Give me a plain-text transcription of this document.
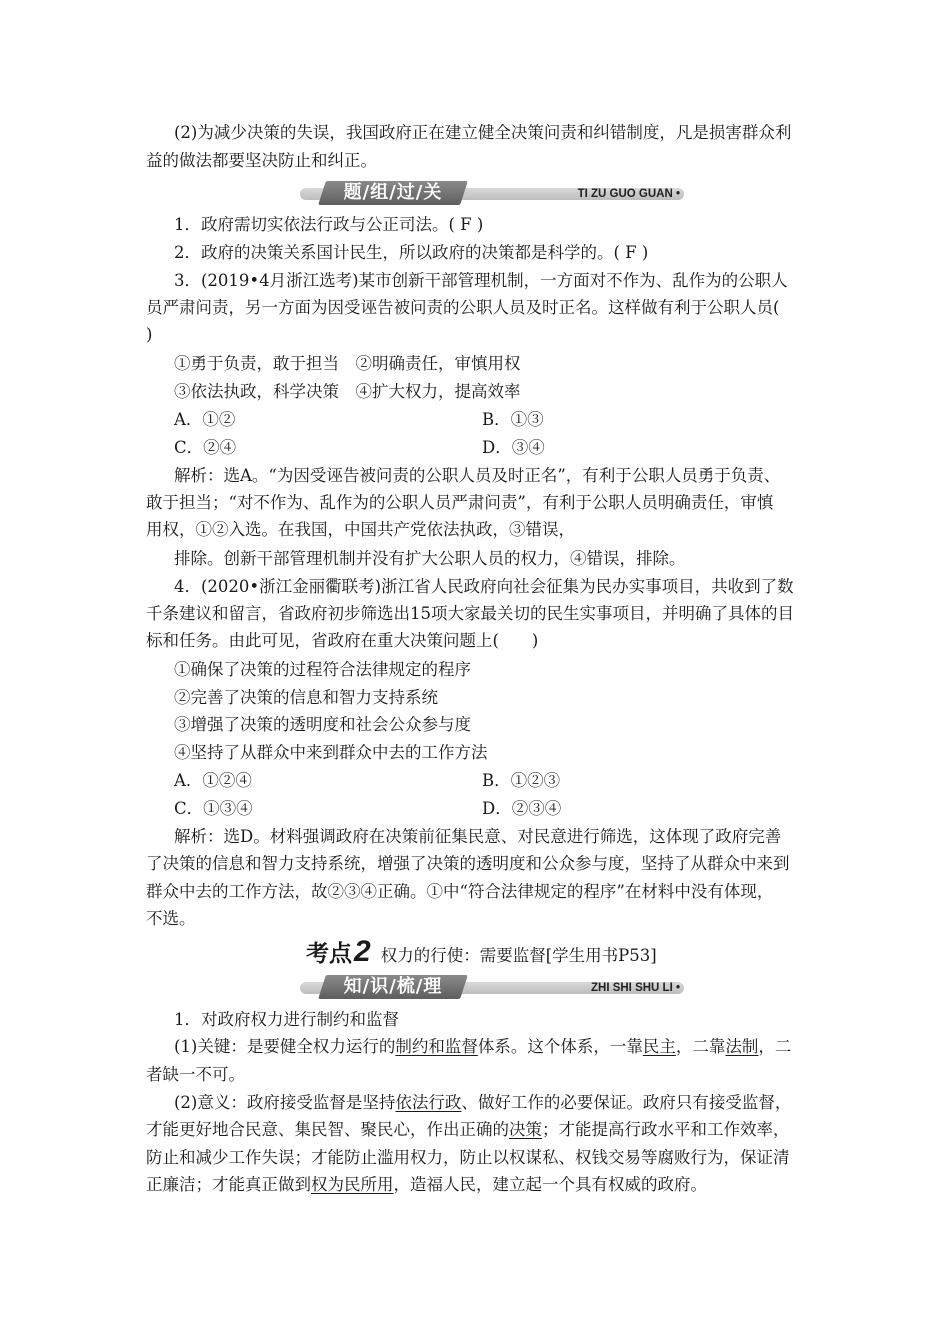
(2)为减少决策的失误，我国政府正在建立健全决策问责和纠错制度，凡是损害群众利
益的做法都要坚决防止和纠正。
题/组/过/关	TI ZU GUO GUAN •
1．政府需切实依法行政与公正司法。( F )
2．政府的决策关系国计民生，所以政府的决策都是科学的。( F )
3．(2019•4月浙江选考)某市创新干部管理机制，一方面对不作为、乱作为的公职人
员严肃问责，另一方面为因受诬告被问责的公职人员及时正名。这样做有利于公职人员(
)
①勇于负责，敢于担当　②明确责任，审慎用权
③依法执政，科学决策　④扩大权力，提高效率
A．①②	B．①③
C．②④	D．③④
解析：选A。“为因受诬告被问责的公职人员及时正名”，有利于公职人员勇于负责、
敢于担当；“对不作为、乱作为的公职人员严肃问责”，有利于公职人员明确责任，审慎
用权，①②入选。在我国，中国共产党依法执政，③错误，
排除。创新干部管理机制并没有扩大公职人员的权力，④错误，排除。
4．(2020•浙江金丽衢联考)浙江省人民政府向社会征集为民办实事项目，共收到了数
千条建议和留言，省政府初步筛选出15项大家最关切的民生实事项目，并明确了具体的目
标和任务。由此可见，省政府在重大决策问题上(　　)
①确保了决策的过程符合法律规定的程序
②完善了决策的信息和智力支持系统
③增强了决策的透明度和社会公众参与度
④坚持了从群众中来到群众中去的工作方法
A．①②④	B．①②③
C．①③④	D．②③④
解析：选D。材料强调政府在决策前征集民意、对民意进行筛选，这体现了政府完善
了决策的信息和智力支持系统，增强了决策的透明度和公众参与度，坚持了从群众中来到
群众中去的工作方法，故②③④正确。①中“符合法律规定的程序”在材料中没有体现，
不选。
考点2 权力的行使：需要监督[学生用书P53]
知/识/梳/理	ZHI SHI SHU LI •
1．对政府权力进行制约和监督
(1)关键：是要健全权力运行的制约和监督体系。这个体系，一靠民主，二靠法制，二
者缺一不可。
(2)意义：政府接受监督是坚持依法行政、做好工作的必要保证。政府只有接受监督，
才能更好地合民意、集民智、聚民心，作出正确的决策；才能提高行政水平和工作效率，
防止和减少工作失误；才能防止滥用权力，防止以权谋私、权钱交易等腐败行为，保证清
正廉洁；才能真正做到权为民所用，造福人民，建立起一个具有权威的政府。
